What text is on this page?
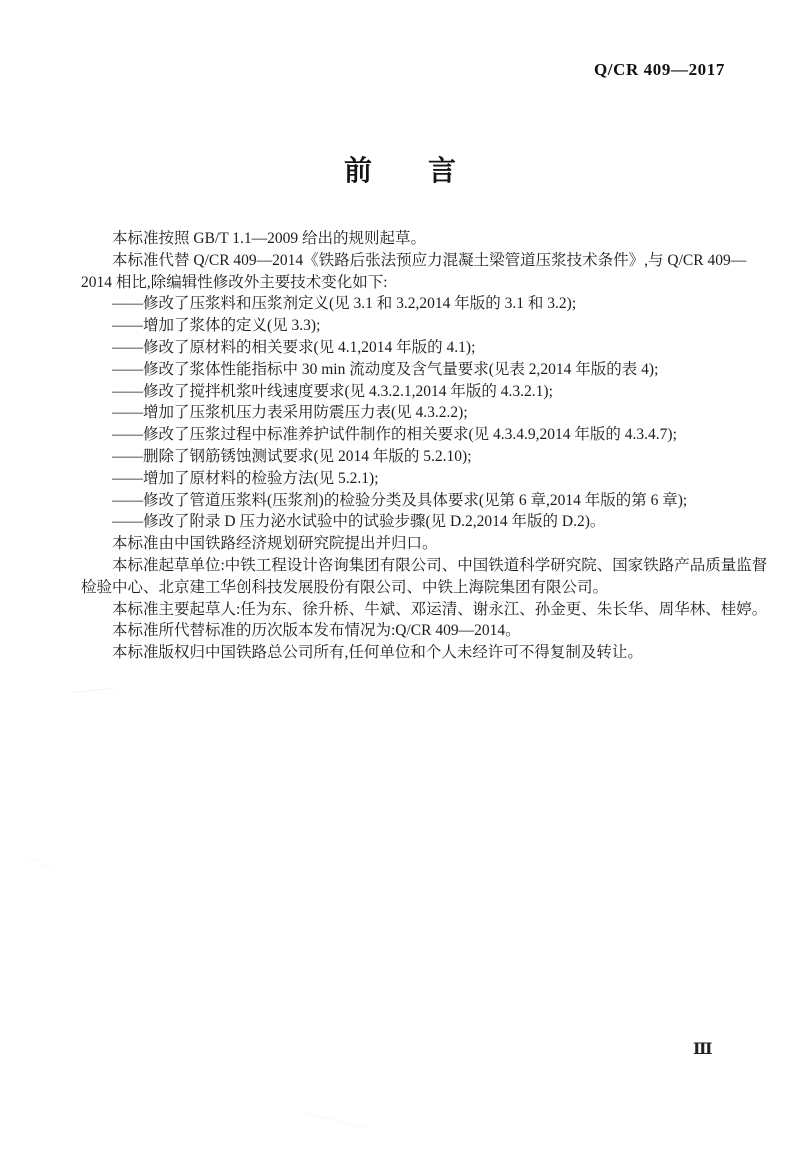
Q/CR 409—2017
前　　言

本标准按照 GB/T 1.1—2009 给出的规则起草。

本标准代替 Q/CR 409—2014《铁路后张法预应力混凝土梁管道压浆技术条件》,与 Q/CR 409—

2014 相比,除编辑性修改外主要技术变化如下:

——修改了压浆料和压浆剂定义(见 3.1 和 3.2,2014 年版的 3.1 和 3.2);

——增加了浆体的定义(见 3.3);

——修改了原材料的相关要求(见 4.1,2014 年版的 4.1);

——修改了浆体性能指标中 30 min 流动度及含气量要求(见表 2,2014 年版的表 4);

——修改了搅拌机浆叶线速度要求(见 4.3.2.1,2014 年版的 4.3.2.1);

——增加了压浆机压力表采用防震压力表(见 4.3.2.2);

——修改了压浆过程中标准养护试件制作的相关要求(见 4.3.4.9,2014 年版的 4.3.4.7);

——删除了钢筋锈蚀测试要求(见 2014 年版的 5.2.10);

——增加了原材料的检验方法(见 5.2.1);

——修改了管道压浆料(压浆剂)的检验分类及具体要求(见第 6 章,2014 年版的第 6 章);

——修改了附录 D 压力泌水试验中的试验步骤(见 D.2,2014 年版的 D.2)。

本标准由中国铁路经济规划研究院提出并归口。

本标准起草单位:中铁工程设计咨询集团有限公司、中国铁道科学研究院、国家铁路产品质量监督

检验中心、北京建工华创科技发展股份有限公司、中铁上海院集团有限公司。

本标准主要起草人:任为东、徐升桥、牛斌、邓运清、谢永江、孙金更、朱长华、周华林、桂婷。

本标准所代替标准的历次版本发布情况为:Q/CR 409—2014。

本标准版权归中国铁路总公司所有,任何单位和个人未经许可不得复制及转让。

Ⅲ
